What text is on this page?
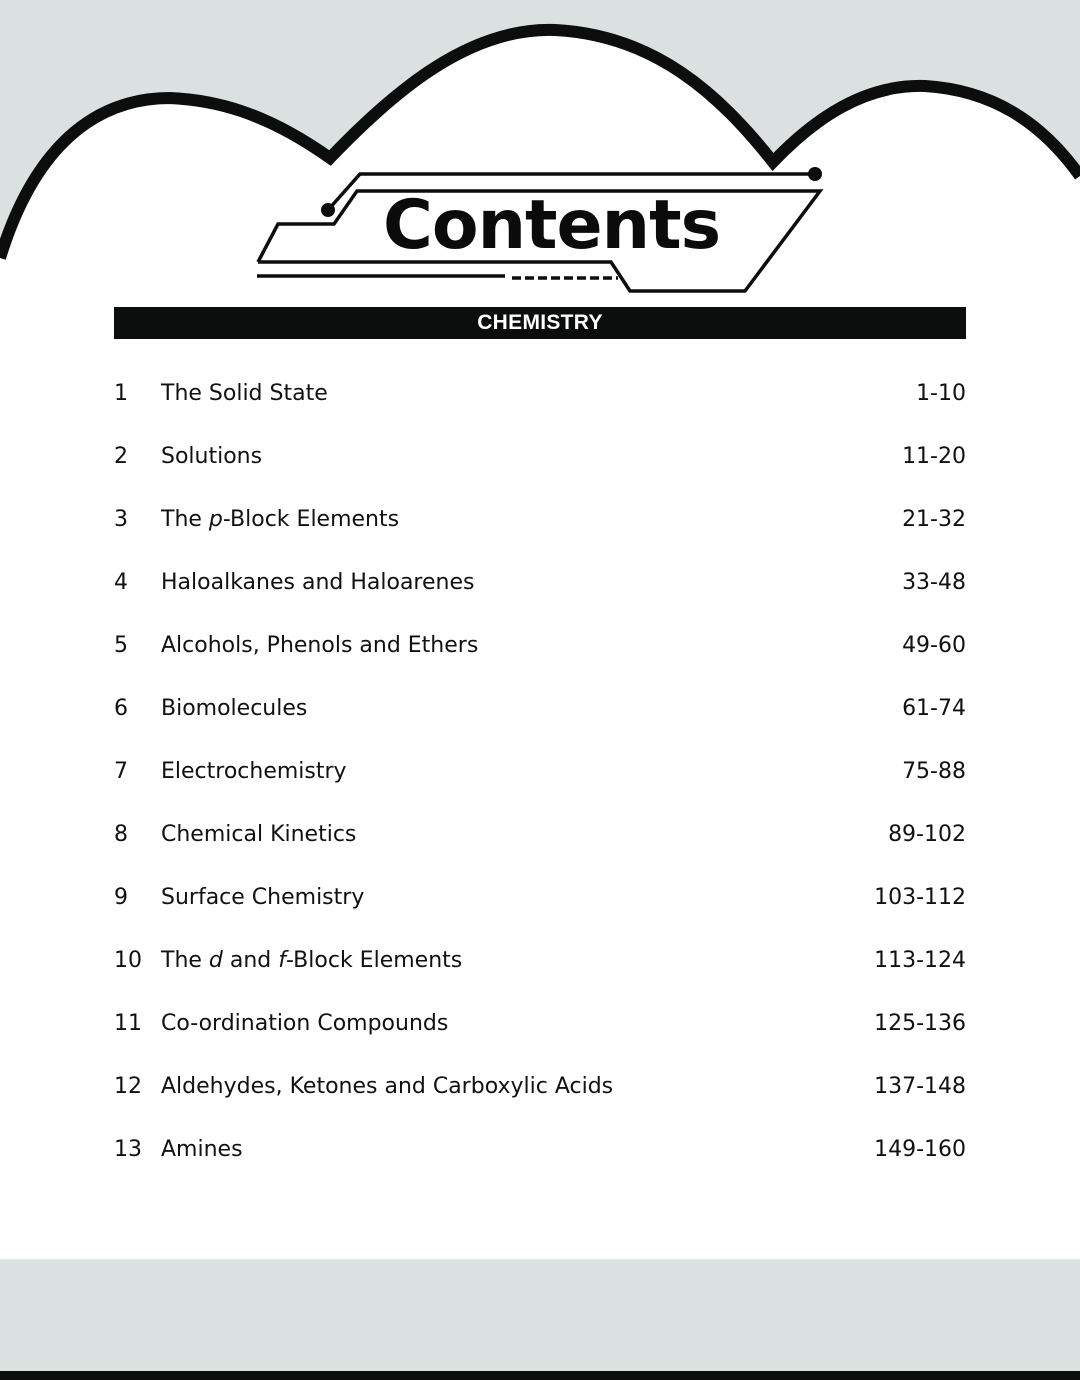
Contents
CHEMISTRY
1 The Solid State	1-10
2 Solutions	11-20
3 The p-Block Elements	21-32
4 Haloalkanes and Haloarenes	33-48
5 Alcohols, Phenols and Ethers	49-60
6 Biomolecules	61-74
7 Electrochemistry	75-88
8 Chemical Kinetics	89-102
9 Surface Chemistry	103-112
10 The d and f-Block Elements	113-124
11 Co-ordination Compounds	125-136
12 Aldehydes, Ketones and Carboxylic Acids	137-148
13 Amines	149-160
